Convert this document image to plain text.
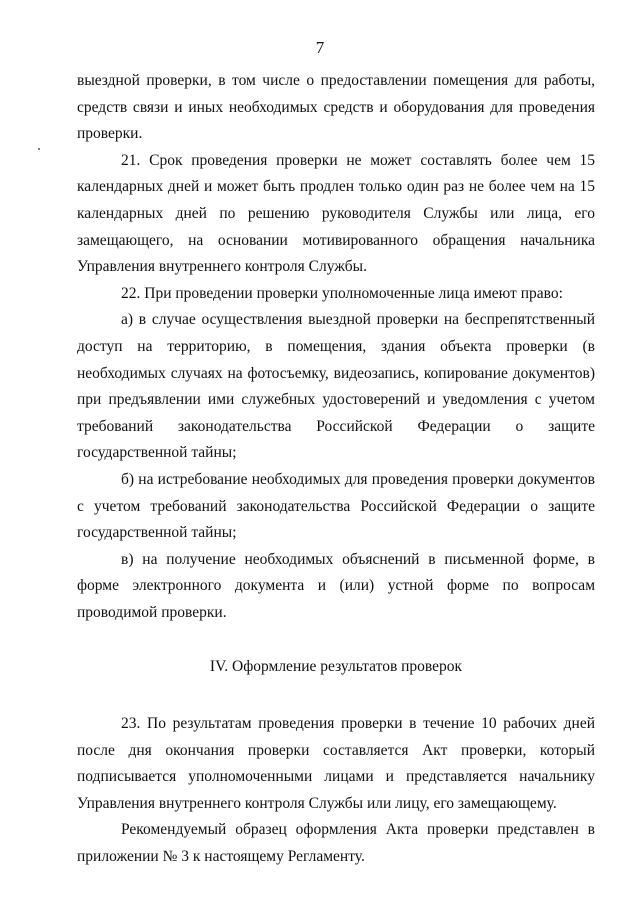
7

выездной проверки, в том числе о предоставлении помещения для работы, средств связи и иных необходимых средств и оборудования для проведения проверки.

21. Срок проведения проверки не может составлять более чем 15 календарных дней и может быть продлен только один раз не более чем на 15 календарных дней по решению руководителя Службы или лица, его замещающего, на основании мотивированного обращения начальника Управления внутреннего контроля Службы.

22. При проведении проверки уполномоченные лица имеют право:

а) в случае осуществления выездной проверки на беспрепятственный доступ на территорию, в помещения, здания объекта проверки (в необходимых случаях на фотосъемку, видеозапись, копирование документов) при предъявлении ими служебных удостоверений и уведомления с учетом требований законодательства Российской Федерации о защите государственной тайны;

б) на истребование необходимых для проведения проверки документов с учетом требований законодательства Российской Федерации о защите государственной тайны;

в) на получение необходимых объяснений в письменной форме, в форме электронного документа и (или) устной форме по вопросам проводимой проверки.

IV. Оформление результатов проверок

23. По результатам проведения проверки в течение 10 рабочих дней после дня окончания проверки составляется Акт проверки, который подписывается уполномоченными лицами и представляется начальнику Управления внутреннего контроля Службы или лицу, его замещающему.

Рекомендуемый образец оформления Акта проверки представлен в приложении № 3 к настоящему Регламенту.
